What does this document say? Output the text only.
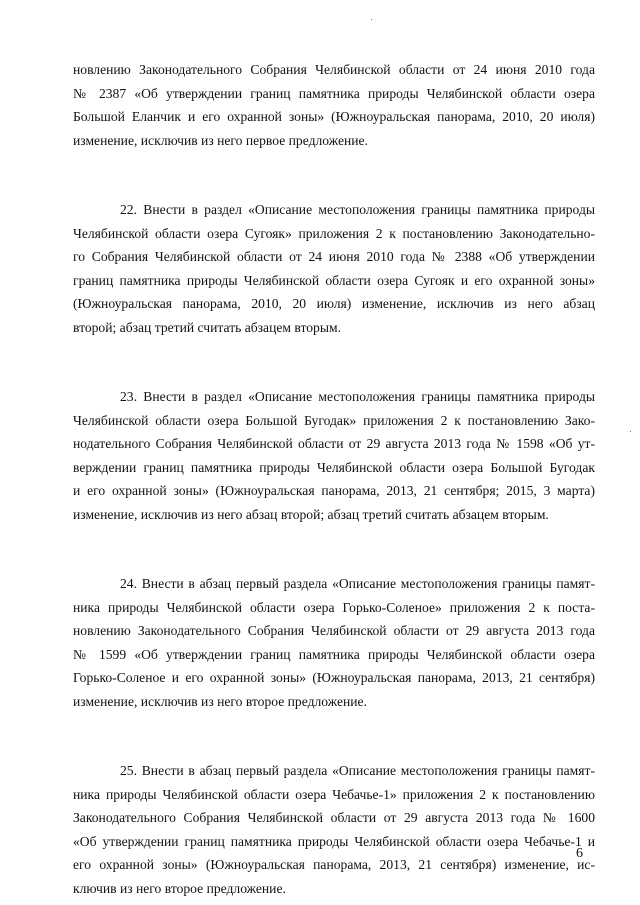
новлению Законодательного Собрания Челябинской области от 24 июня 2010 года
№ 2387 «Об утверждении границ памятника природы Челябинской области озера
Большой Еланчик и его охранной зоны» (Южноуральская панорама, 2010, 20 июля)
изменение, исключив из него первое предложение.
22. Внести в раздел «Описание местоположения границы памятника природы
Челябинской области озера Сугояк» приложения 2 к постановлению Законодательно-
го Собрания Челябинской области от 24 июня 2010 года № 2388 «Об утверждении
границ памятника природы Челябинской области озера Сугояк и его охранной зоны»
(Южноуральская панорама, 2010, 20 июля) изменение, исключив из него абзац
второй; абзац третий считать абзацем вторым.
23. Внести в раздел «Описание местоположения границы памятника природы
Челябинской области озера Большой Бугодак» приложения 2 к постановлению Зако-
нодательного Собрания Челябинской области от 29 августа 2013 года № 1598 «Об ут-
верждении границ памятника природы Челябинской области озера Большой Бугодак
и его охранной зоны» (Южноуральская панорама, 2013, 21 сентября; 2015, 3 марта)
изменение, исключив из него абзац второй; абзац третий считать абзацем вторым.
24. Внести в абзац первый раздела «Описание местоположения границы памят-
ника природы Челябинской области озера Горько-Соленое» приложения 2 к поста-
новлению Законодательного Собрания Челябинской области от 29 августа 2013 года
№ 1599 «Об утверждении границ памятника природы Челябинской области озера
Горько-Соленое и его охранной зоны» (Южноуральская панорама, 2013, 21 сентября)
изменение, исключив из него второе предложение.
25. Внести в абзац первый раздела «Описание местоположения границы памят-
ника природы Челябинской области озера Чебачье-1» приложения 2 к постановлению
Законодательного Собрания Челябинской области от 29 августа 2013 года № 1600
«Об утверждении границ памятника природы Челябинской области озера Чебачье-1 и
его охранной зоны» (Южноуральская панорама, 2013, 21 сентября) изменение, ис-
ключив из него второе предложение.
6
